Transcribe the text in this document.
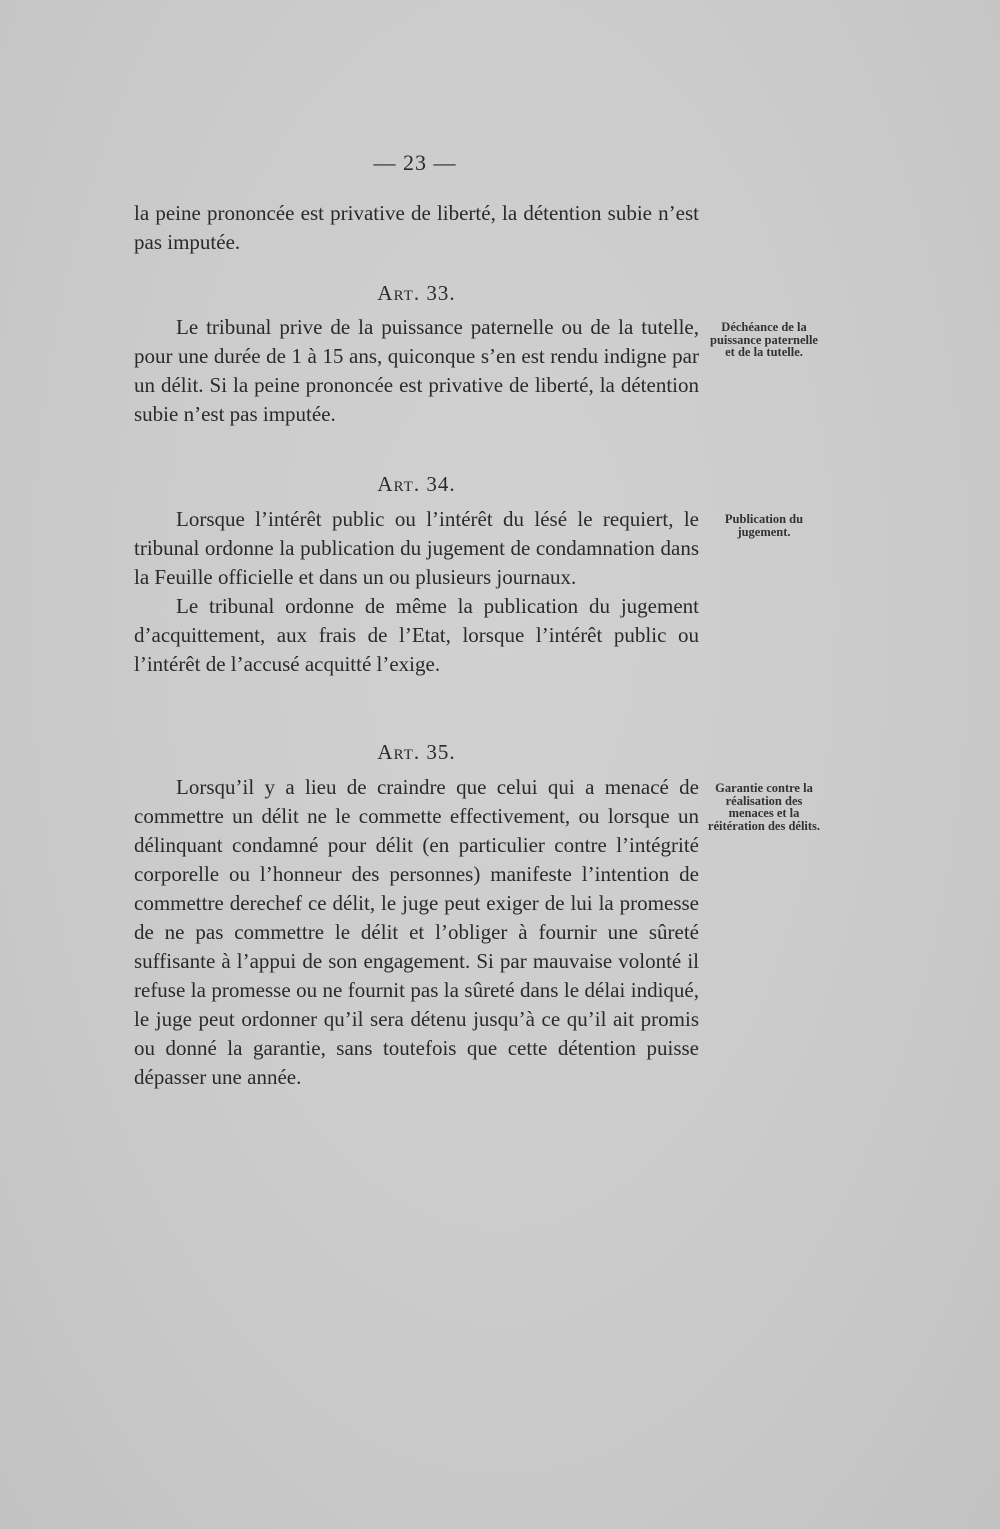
— 23 —

la peine prononcée est privative de liberté, la détention subie n’est pas imputée.

Art. 33.

Le tribunal prive de la puissance paternelle ou de la tutelle, pour une durée de 1 à 15 ans, quiconque s’en est rendu indigne par un délit. Si la peine prononcée est privative de liberté, la détention subie n’est pas imputée.

Déchéance de la puissance paternelle et de la tutelle.
Art. 34.

Lorsque l’intérêt public ou l’intérêt du lésé le requiert, le tribunal ordonne la publication du jugement de condamnation dans la Feuille officielle et dans un ou plusieurs journaux.

Le tribunal ordonne de même la publication du jugement d’acquittement, aux frais de l’Etat, lorsque l’intérêt public ou l’intérêt de l’accusé acquitté l’exige.

Publication du jugement.
Art. 35.

Lorsqu’il y a lieu de craindre que celui qui a menacé de commettre un délit ne le commette effectivement, ou lorsque un délinquant condamné pour délit (en particulier contre l’intégrité corporelle ou l’honneur des personnes) manifeste l’intention de commettre derechef ce délit, le juge peut exiger de lui la promesse de ne pas commettre le délit et l’obliger à fournir une sûreté suffisante à l’appui de son engagement. Si par mauvaise volonté il refuse la promesse ou ne fournit pas la sûreté dans le délai indiqué, le juge peut ordonner qu’il sera détenu jusqu’à ce qu’il ait promis ou donné la garantie, sans toutefois que cette détention puisse dépasser une année.

Garantie contre la réalisation des menaces et la réitération des délits.
